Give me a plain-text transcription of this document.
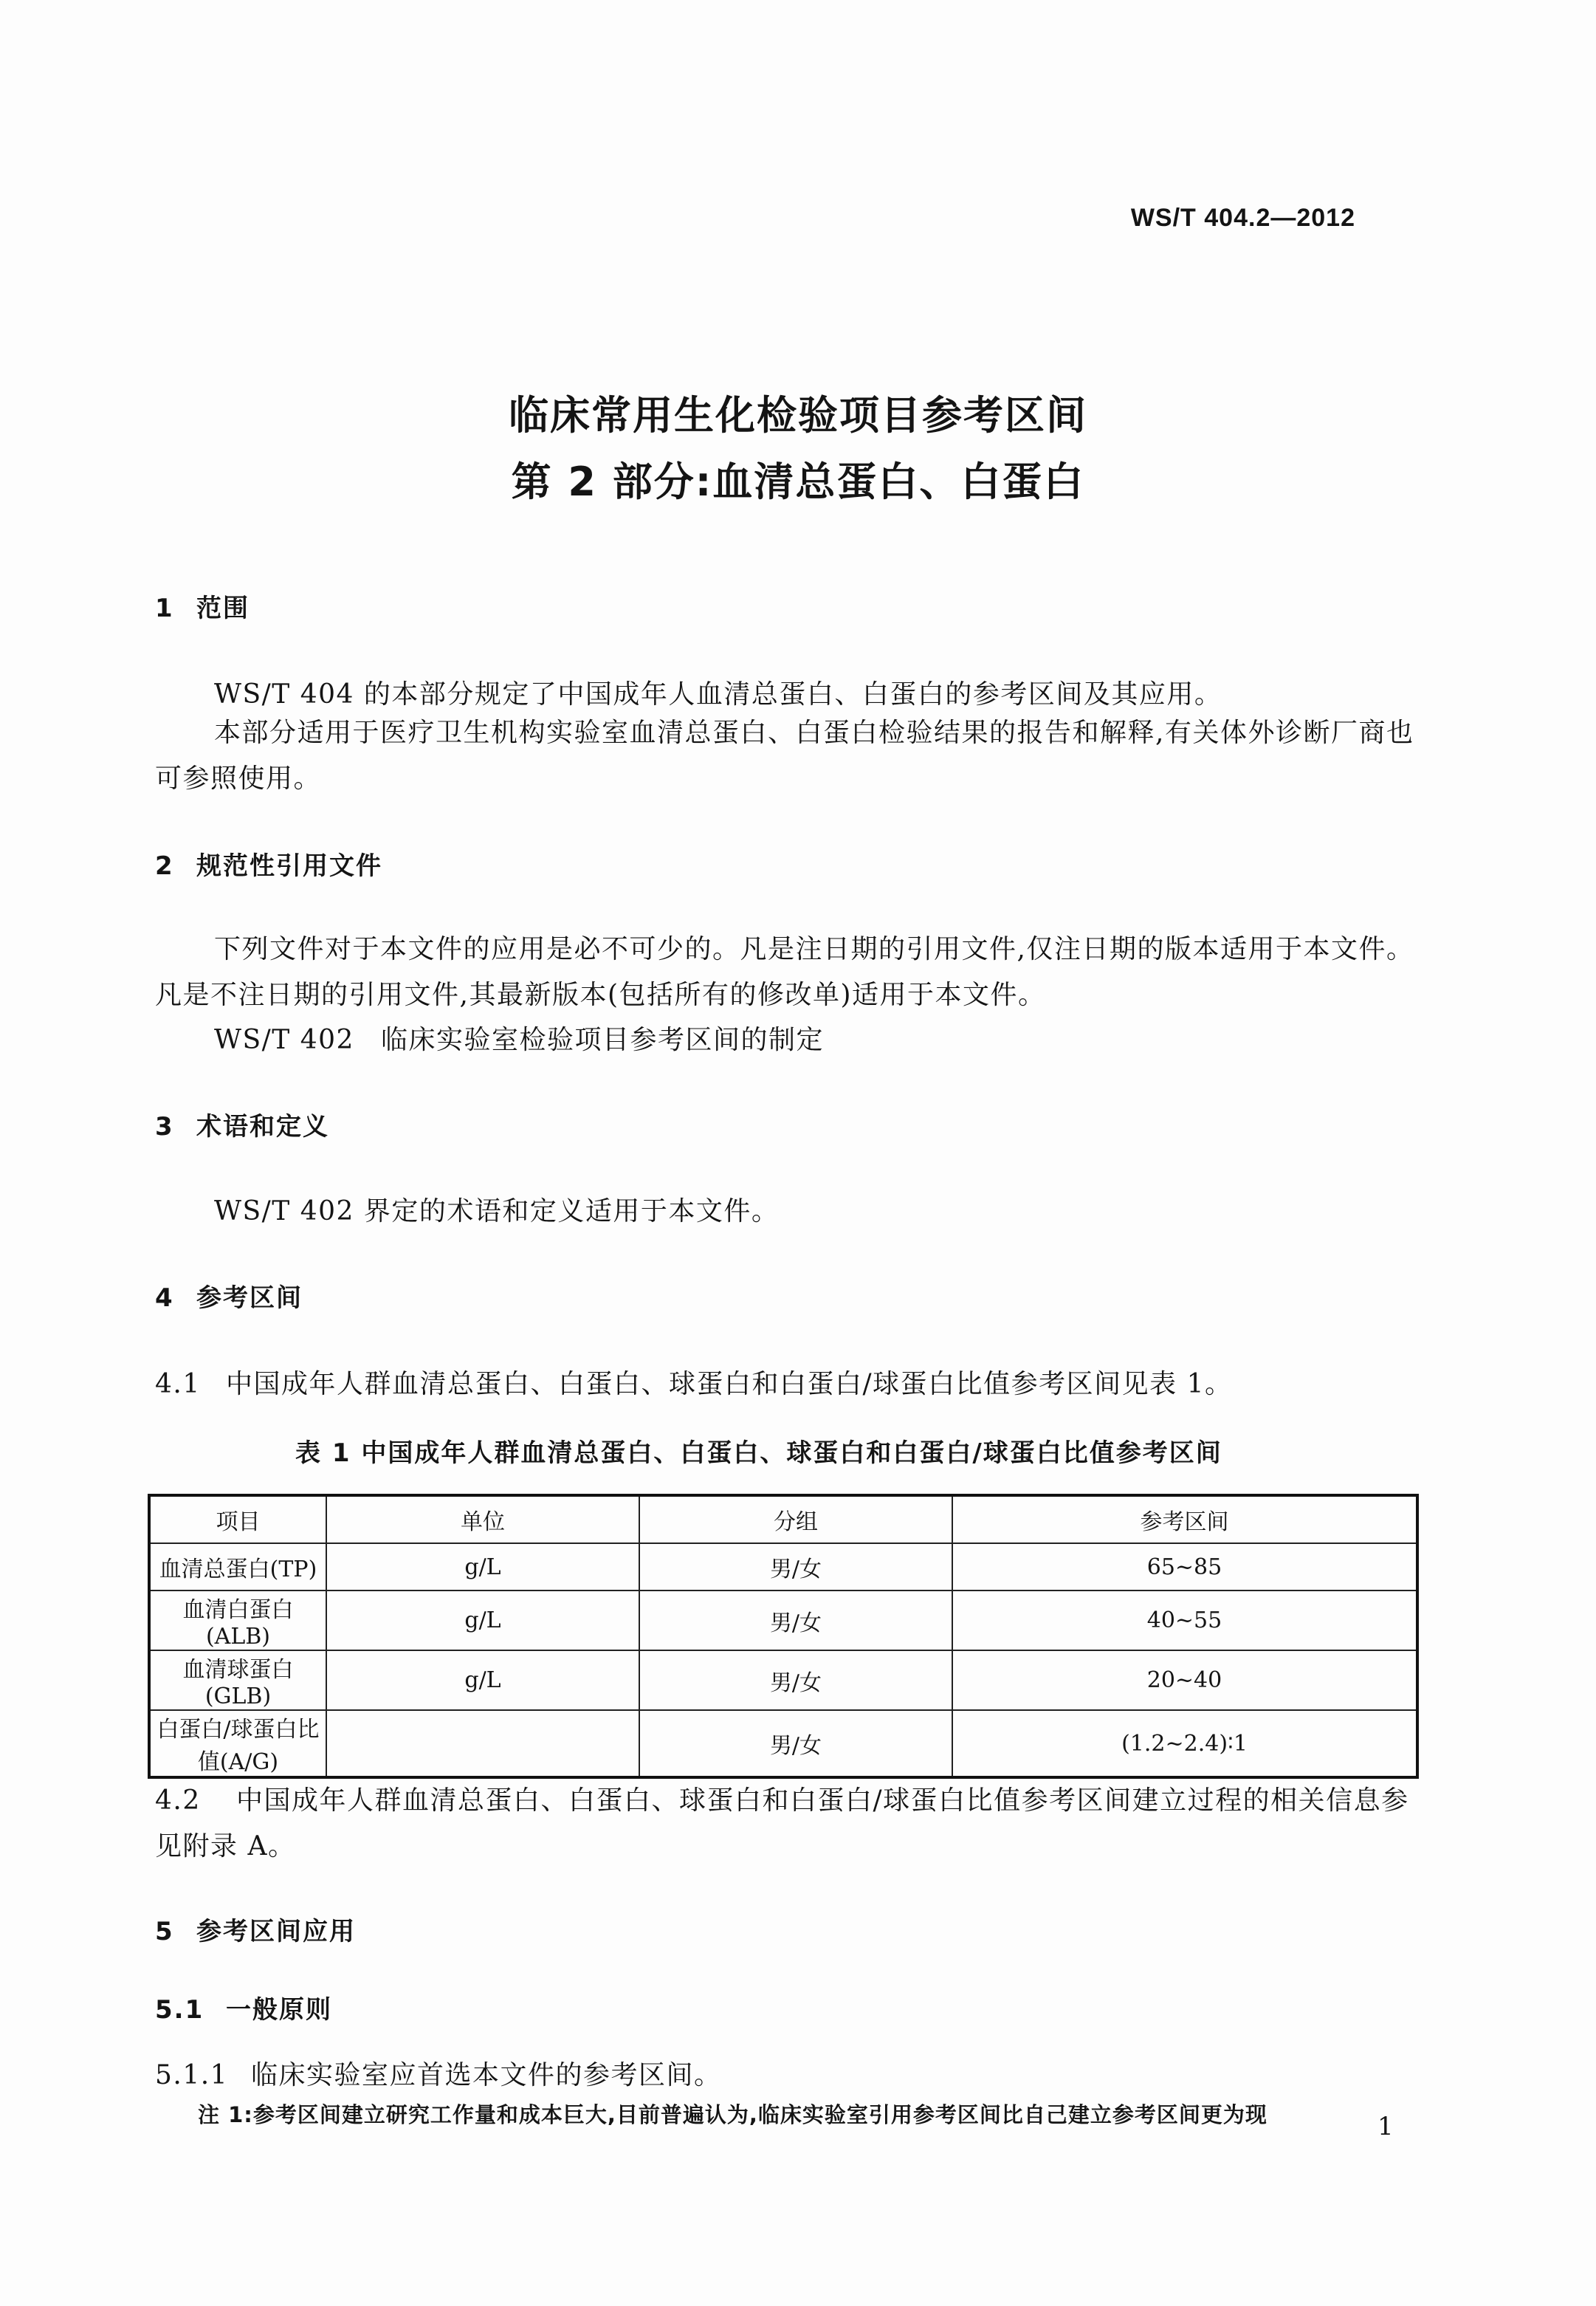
WS/T 404.2—2012
临床常用生化检验项目参考区间
第 2 部分:血清总蛋白、白蛋白
1 范围
WS/T 404 的本部分规定了中国成年人血清总蛋白、白蛋白的参考区间及其应用。
本部分适用于医疗卫生机构实验室血清总蛋白、白蛋白检验结果的报告和解释,有关体外诊断厂商也可参照使用。
2 规范性引用文件
下列文件对于本文件的应用是必不可少的。凡是注日期的引用文件,仅注日期的版本适用于本文件。凡是不注日期的引用文件,其最新版本(包括所有的修改单)适用于本文件。
WS/T 402 临床实验室检验项目参考区间的制定
3 术语和定义
WS/T 402 界定的术语和定义适用于本文件。
4 参考区间
4.1 中国成年人群血清总蛋白、白蛋白、球蛋白和白蛋白/球蛋白比值参考区间见表 1。
表 1 中国成年人群血清总蛋白、白蛋白、球蛋白和白蛋白/球蛋白比值参考区间
项目	单位	分组	参考区间
血清总蛋白(TP)	g/L	男/女	65~85
血清白蛋白(ALB)	g/L	男/女	40~55
血清球蛋白(GLB)	g/L	男/女	20~40
白蛋白/球蛋白比值(A/G)		男/女	(1.2~2.4)∶1
4.2 中国成年人群血清总蛋白、白蛋白、球蛋白和白蛋白/球蛋白比值参考区间建立过程的相关信息参见附录 A。
5 参考区间应用
5.1 一般原则
5.1.1 临床实验室应首选本文件的参考区间。
注 1:参考区间建立研究工作量和成本巨大,目前普遍认为,临床实验室引用参考区间比自己建立参考区间更为现	1
